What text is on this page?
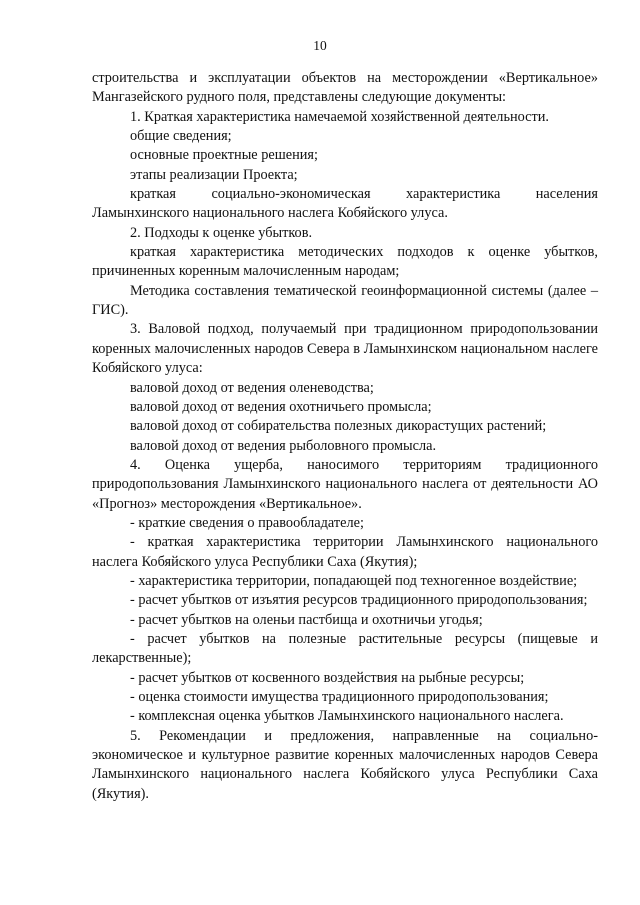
10

строительства и эксплуатации объектов на месторождении «Вертикальное» Мангазейского рудного поля, представлены следующие документы:

1. Краткая характеристика намечаемой хозяйственной деятельности.

общие сведения;

основные проектные решения;

этапы реализации Проекта;

краткая социально-экономическая характеристика населения Ламынхинского национального наслега Кобяйского улуса.

2. Подходы к оценке убытков.

краткая характеристика методических подходов к оценке убытков, причиненных коренным малочисленным народам;

Методика составления тематической геоинформационной системы (далее – ГИС).

3. Валовой подход, получаемый при традиционном природопользовании коренных малочисленных народов Севера в Ламынхинском национальном наслеге Кобяйского улуса:

валовой доход от ведения оленеводства;

валовой доход от ведения охотничьего промысла;

валовой доход от собирательства полезных дикорастущих растений;

валовой доход от ведения рыболовного промысла.

4. Оценка ущерба, наносимого территориям традиционного природопользования Ламынхинского национального наслега от деятельности АО «Прогноз» месторождения «Вертикальное».

- краткие сведения о правообладателе;

- краткая характеристика территории Ламынхинского национального наслега Кобяйского улуса Республики Саха (Якутия);

- характеристика территории, попадающей под техногенное воздействие;

- расчет убытков от изъятия ресурсов традиционного природопользования;

- расчет убытков на оленьи пастбища и охотничьи угодья;

- расчет убытков на полезные растительные ресурсы (пищевые и лекарственные);

- расчет убытков от косвенного воздействия на рыбные ресурсы;

- оценка стоимости имущества традиционного природопользования;

- комплексная оценка убытков Ламынхинского национального наслега.

5. Рекомендации и предложения, направленные на социально-экономическое и культурное развитие коренных малочисленных народов Севера Ламынхинского национального наслега Кобяйского улуса Республики Саха (Якутия).
